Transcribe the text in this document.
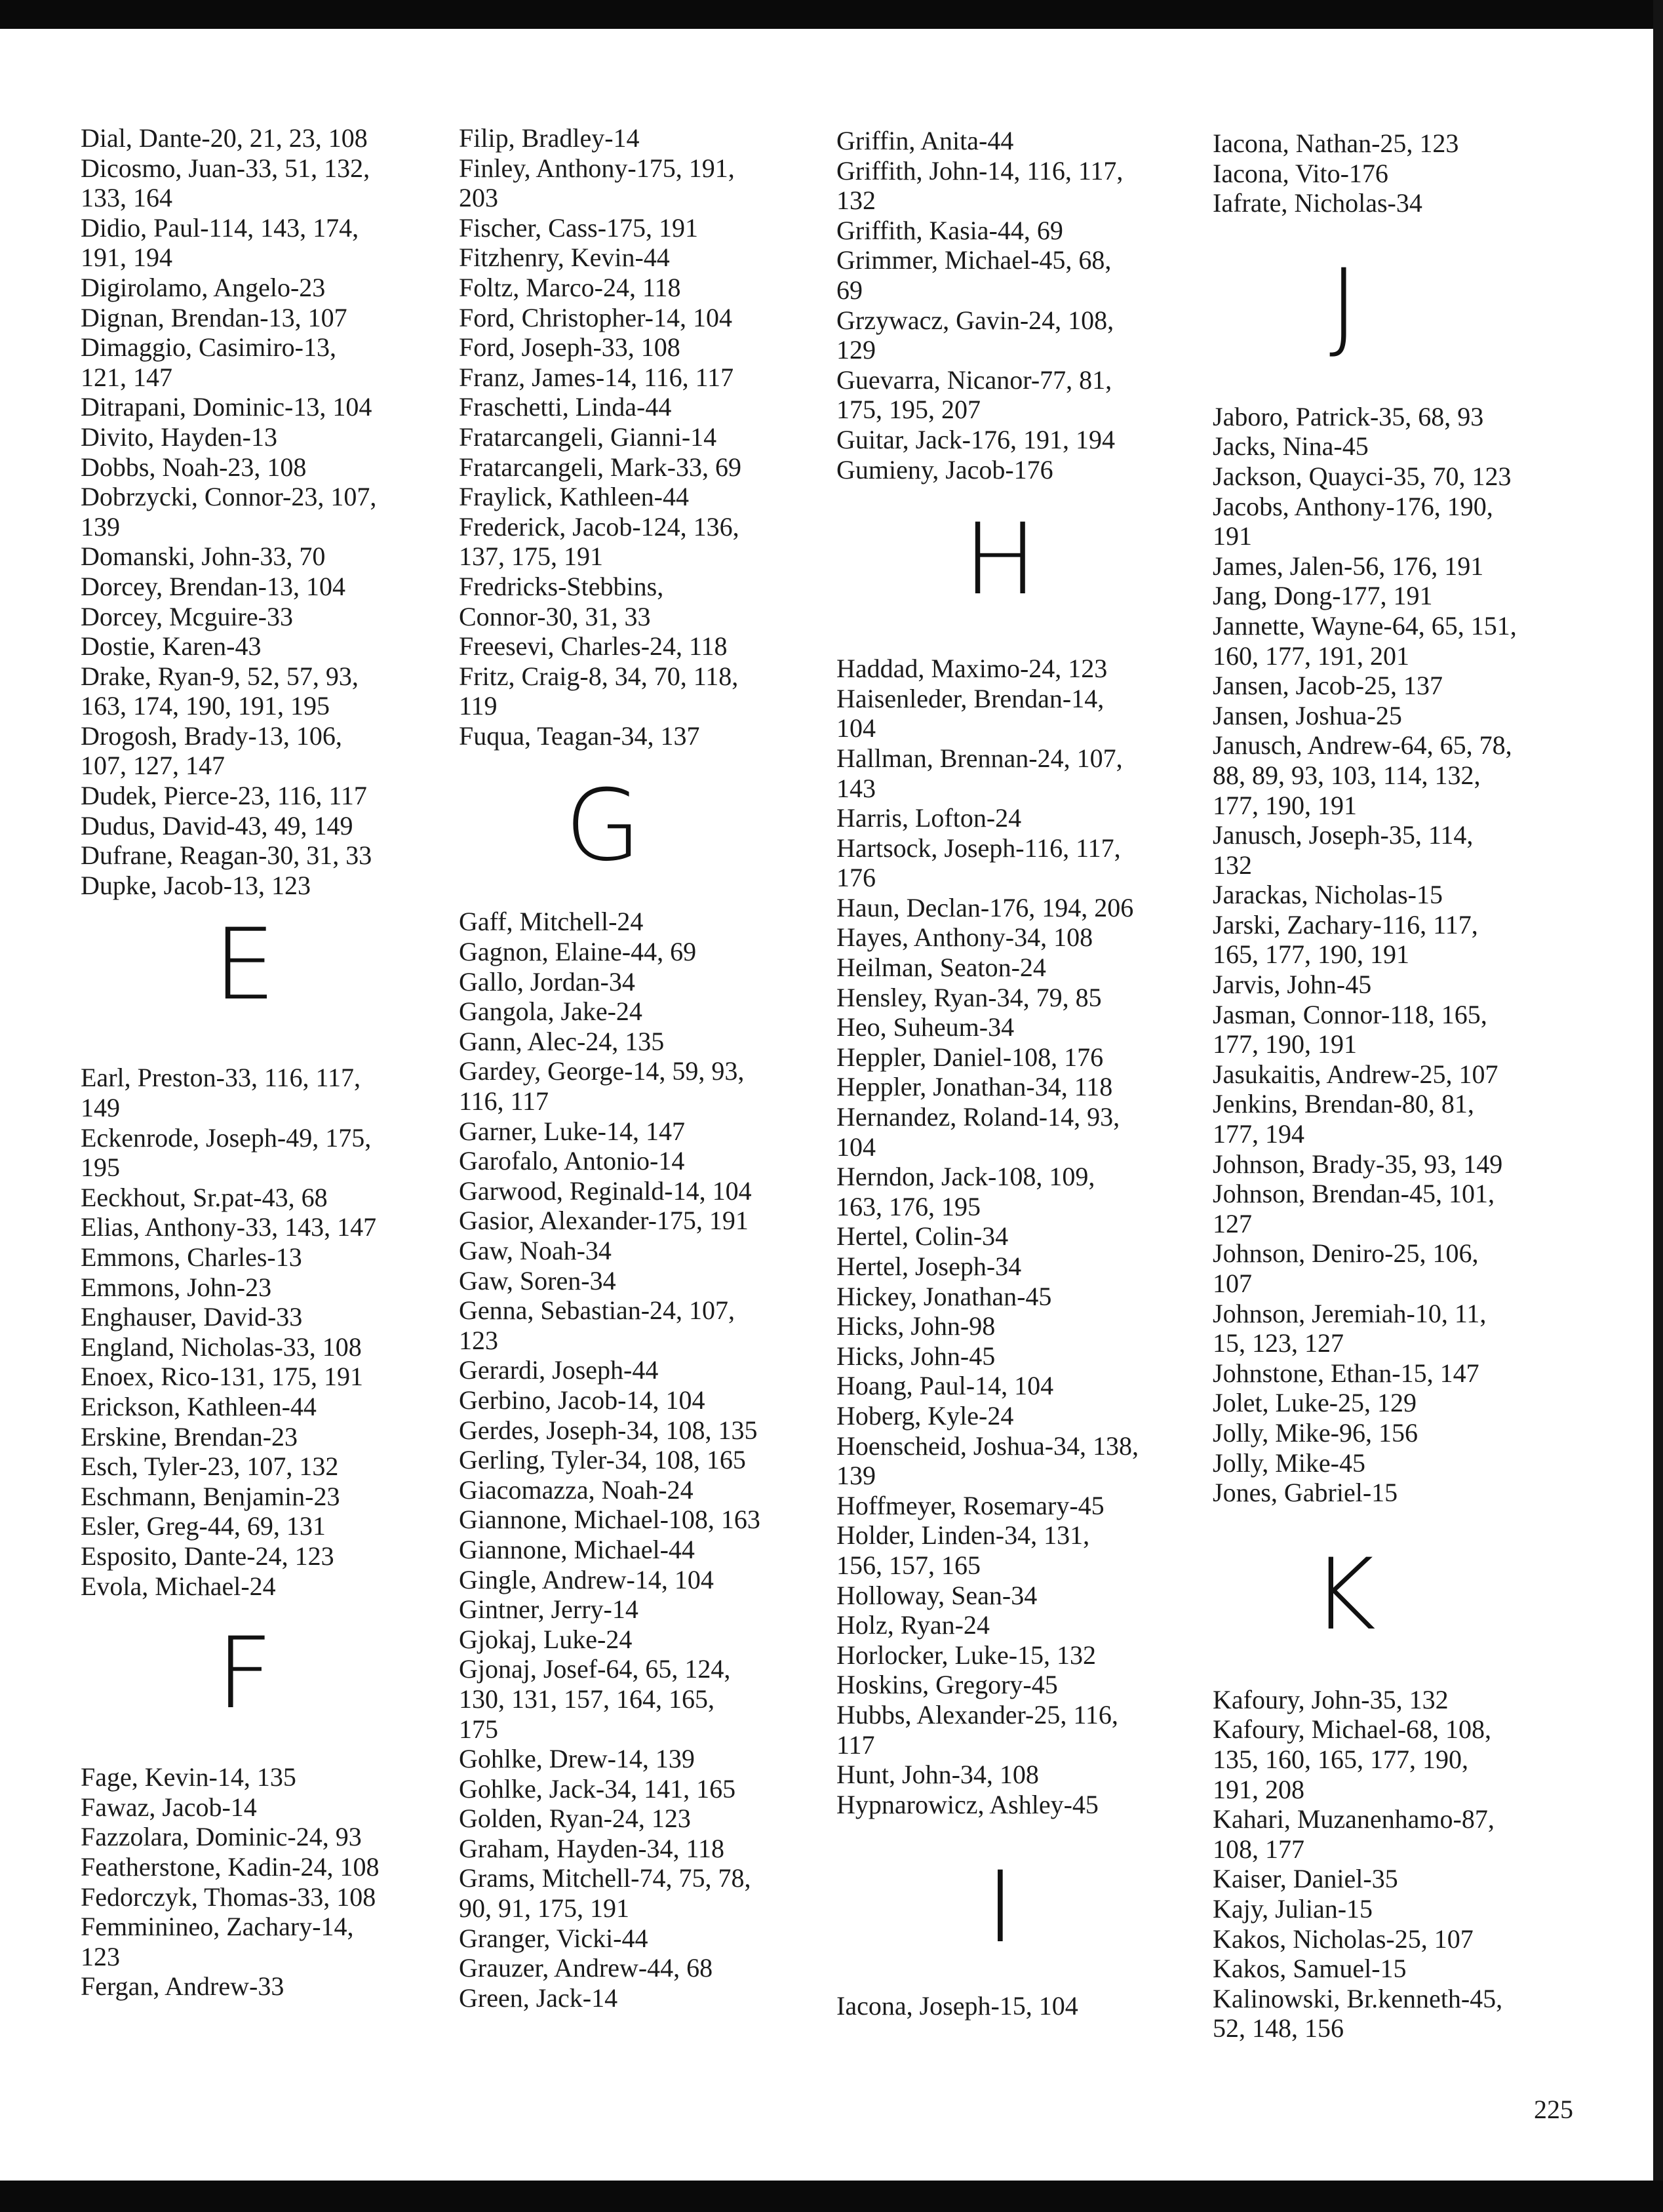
Dial, Dante-20, 21, 23, 108
Dicosmo, Juan-33, 51, 132,
133, 164
Didio, Paul-114, 143, 174,
191, 194
Digirolamo, Angelo-23
Dignan, Brendan-13, 107
Dimaggio, Casimiro-13,
121, 147
Ditrapani, Dominic-13, 104
Divito, Hayden-13
Dobbs, Noah-23, 108
Dobrzycki, Connor-23, 107,
139
Domanski, John-33, 70
Dorcey, Brendan-13, 104
Dorcey, Mcguire-33
Dostie, Karen-43
Drake, Ryan-9, 52, 57, 93,
163, 174, 190, 191, 195
Drogosh, Brady-13, 106,
107, 127, 147
Dudek, Pierce-23, 116, 117
Dudus, David-43, 49, 149
Dufrane, Reagan-30, 31, 33
Dupke, Jacob-13, 123
E
Earl, Preston-33, 116, 117,
149
Eckenrode, Joseph-49, 175,
195
Eeckhout, Sr.pat-43, 68
Elias, Anthony-33, 143, 147
Emmons, Charles-13
Emmons, John-23
Enghauser, David-33
England, Nicholas-33, 108
Enoex, Rico-131, 175, 191
Erickson, Kathleen-44
Erskine, Brendan-23
Esch, Tyler-23, 107, 132
Eschmann, Benjamin-23
Esler, Greg-44, 69, 131
Esposito, Dante-24, 123
Evola, Michael-24
F
Fage, Kevin-14, 135
Fawaz, Jacob-14
Fazzolara, Dominic-24, 93
Featherstone, Kadin-24, 108
Fedorczyk, Thomas-33, 108
Femminineo, Zachary-14,
123
Fergan, Andrew-33
Filip, Bradley-14
Finley, Anthony-175, 191,
203
Fischer, Cass-175, 191
Fitzhenry, Kevin-44
Foltz, Marco-24, 118
Ford, Christopher-14, 104
Ford, Joseph-33, 108
Franz, James-14, 116, 117
Fraschetti, Linda-44
Fratarcangeli, Gianni-14
Fratarcangeli, Mark-33, 69
Fraylick, Kathleen-44
Frederick, Jacob-124, 136,
137, 175, 191
Fredricks-Stebbins,
Connor-30, 31, 33
Freesevi, Charles-24, 118
Fritz, Craig-8, 34, 70, 118,
119
Fuqua, Teagan-34, 137
G
Gaff, Mitchell-24
Gagnon, Elaine-44, 69
Gallo, Jordan-34
Gangola, Jake-24
Gann, Alec-24, 135
Gardey, George-14, 59, 93,
116, 117
Garner, Luke-14, 147
Garofalo, Antonio-14
Garwood, Reginald-14, 104
Gasior, Alexander-175, 191
Gaw, Noah-34
Gaw, Soren-34
Genna, Sebastian-24, 107,
123
Gerardi, Joseph-44
Gerbino, Jacob-14, 104
Gerdes, Joseph-34, 108, 135
Gerling, Tyler-34, 108, 165
Giacomazza, Noah-24
Giannone, Michael-108, 163
Giannone, Michael-44
Gingle, Andrew-14, 104
Gintner, Jerry-14
Gjokaj, Luke-24
Gjonaj, Josef-64, 65, 124,
130, 131, 157, 164, 165,
175
Gohlke, Drew-14, 139
Gohlke, Jack-34, 141, 165
Golden, Ryan-24, 123
Graham, Hayden-34, 118
Grams, Mitchell-74, 75, 78,
90, 91, 175, 191
Granger, Vicki-44
Grauzer, Andrew-44, 68
Green, Jack-14
Griffin, Anita-44
Griffith, John-14, 116, 117,
132
Griffith, Kasia-44, 69
Grimmer, Michael-45, 68,
69
Grzywacz, Gavin-24, 108,
129
Guevarra, Nicanor-77, 81,
175, 195, 207
Guitar, Jack-176, 191, 194
Gumieny, Jacob-176
H
Haddad, Maximo-24, 123
Haisenleder, Brendan-14,
104
Hallman, Brennan-24, 107,
143
Harris, Lofton-24
Hartsock, Joseph-116, 117,
176
Haun, Declan-176, 194, 206
Hayes, Anthony-34, 108
Heilman, Seaton-24
Hensley, Ryan-34, 79, 85
Heo, Suheum-34
Heppler, Daniel-108, 176
Heppler, Jonathan-34, 118
Hernandez, Roland-14, 93,
104
Herndon, Jack-108, 109,
163, 176, 195
Hertel, Colin-34
Hertel, Joseph-34
Hickey, Jonathan-45
Hicks, John-98
Hicks, John-45
Hoang, Paul-14, 104
Hoberg, Kyle-24
Hoenscheid, Joshua-34, 138,
139
Hoffmeyer, Rosemary-45
Holder, Linden-34, 131,
156, 157, 165
Holloway, Sean-34
Holz, Ryan-24
Horlocker, Luke-15, 132
Hoskins, Gregory-45
Hubbs, Alexander-25, 116,
117
Hunt, John-34, 108
Hypnarowicz, Ashley-45
I
Iacona, Joseph-15, 104
Iacona, Nathan-25, 123
Iacona, Vito-176
Iafrate, Nicholas-34
J
Jaboro, Patrick-35, 68, 93
Jacks, Nina-45
Jackson, Quayci-35, 70, 123
Jacobs, Anthony-176, 190,
191
James, Jalen-56, 176, 191
Jang, Dong-177, 191
Jannette, Wayne-64, 65, 151,
160, 177, 191, 201
Jansen, Jacob-25, 137
Jansen, Joshua-25
Janusch, Andrew-64, 65, 78,
88, 89, 93, 103, 114, 132,
177, 190, 191
Janusch, Joseph-35, 114,
132
Jarackas, Nicholas-15
Jarski, Zachary-116, 117,
165, 177, 190, 191
Jarvis, John-45
Jasman, Connor-118, 165,
177, 190, 191
Jasukaitis, Andrew-25, 107
Jenkins, Brendan-80, 81,
177, 194
Johnson, Brady-35, 93, 149
Johnson, Brendan-45, 101,
127
Johnson, Deniro-25, 106,
107
Johnson, Jeremiah-10, 11,
15, 123, 127
Johnstone, Ethan-15, 147
Jolet, Luke-25, 129
Jolly, Mike-96, 156
Jolly, Mike-45
Jones, Gabriel-15
K
Kafoury, John-35, 132
Kafoury, Michael-68, 108,
135, 160, 165, 177, 190,
191, 208
Kahari, Muzanenhamo-87,
108, 177
Kaiser, Daniel-35
Kajy, Julian-15
Kakos, Nicholas-25, 107
Kakos, Samuel-15
Kalinowski, Br.kenneth-45,
52, 148, 156
225
